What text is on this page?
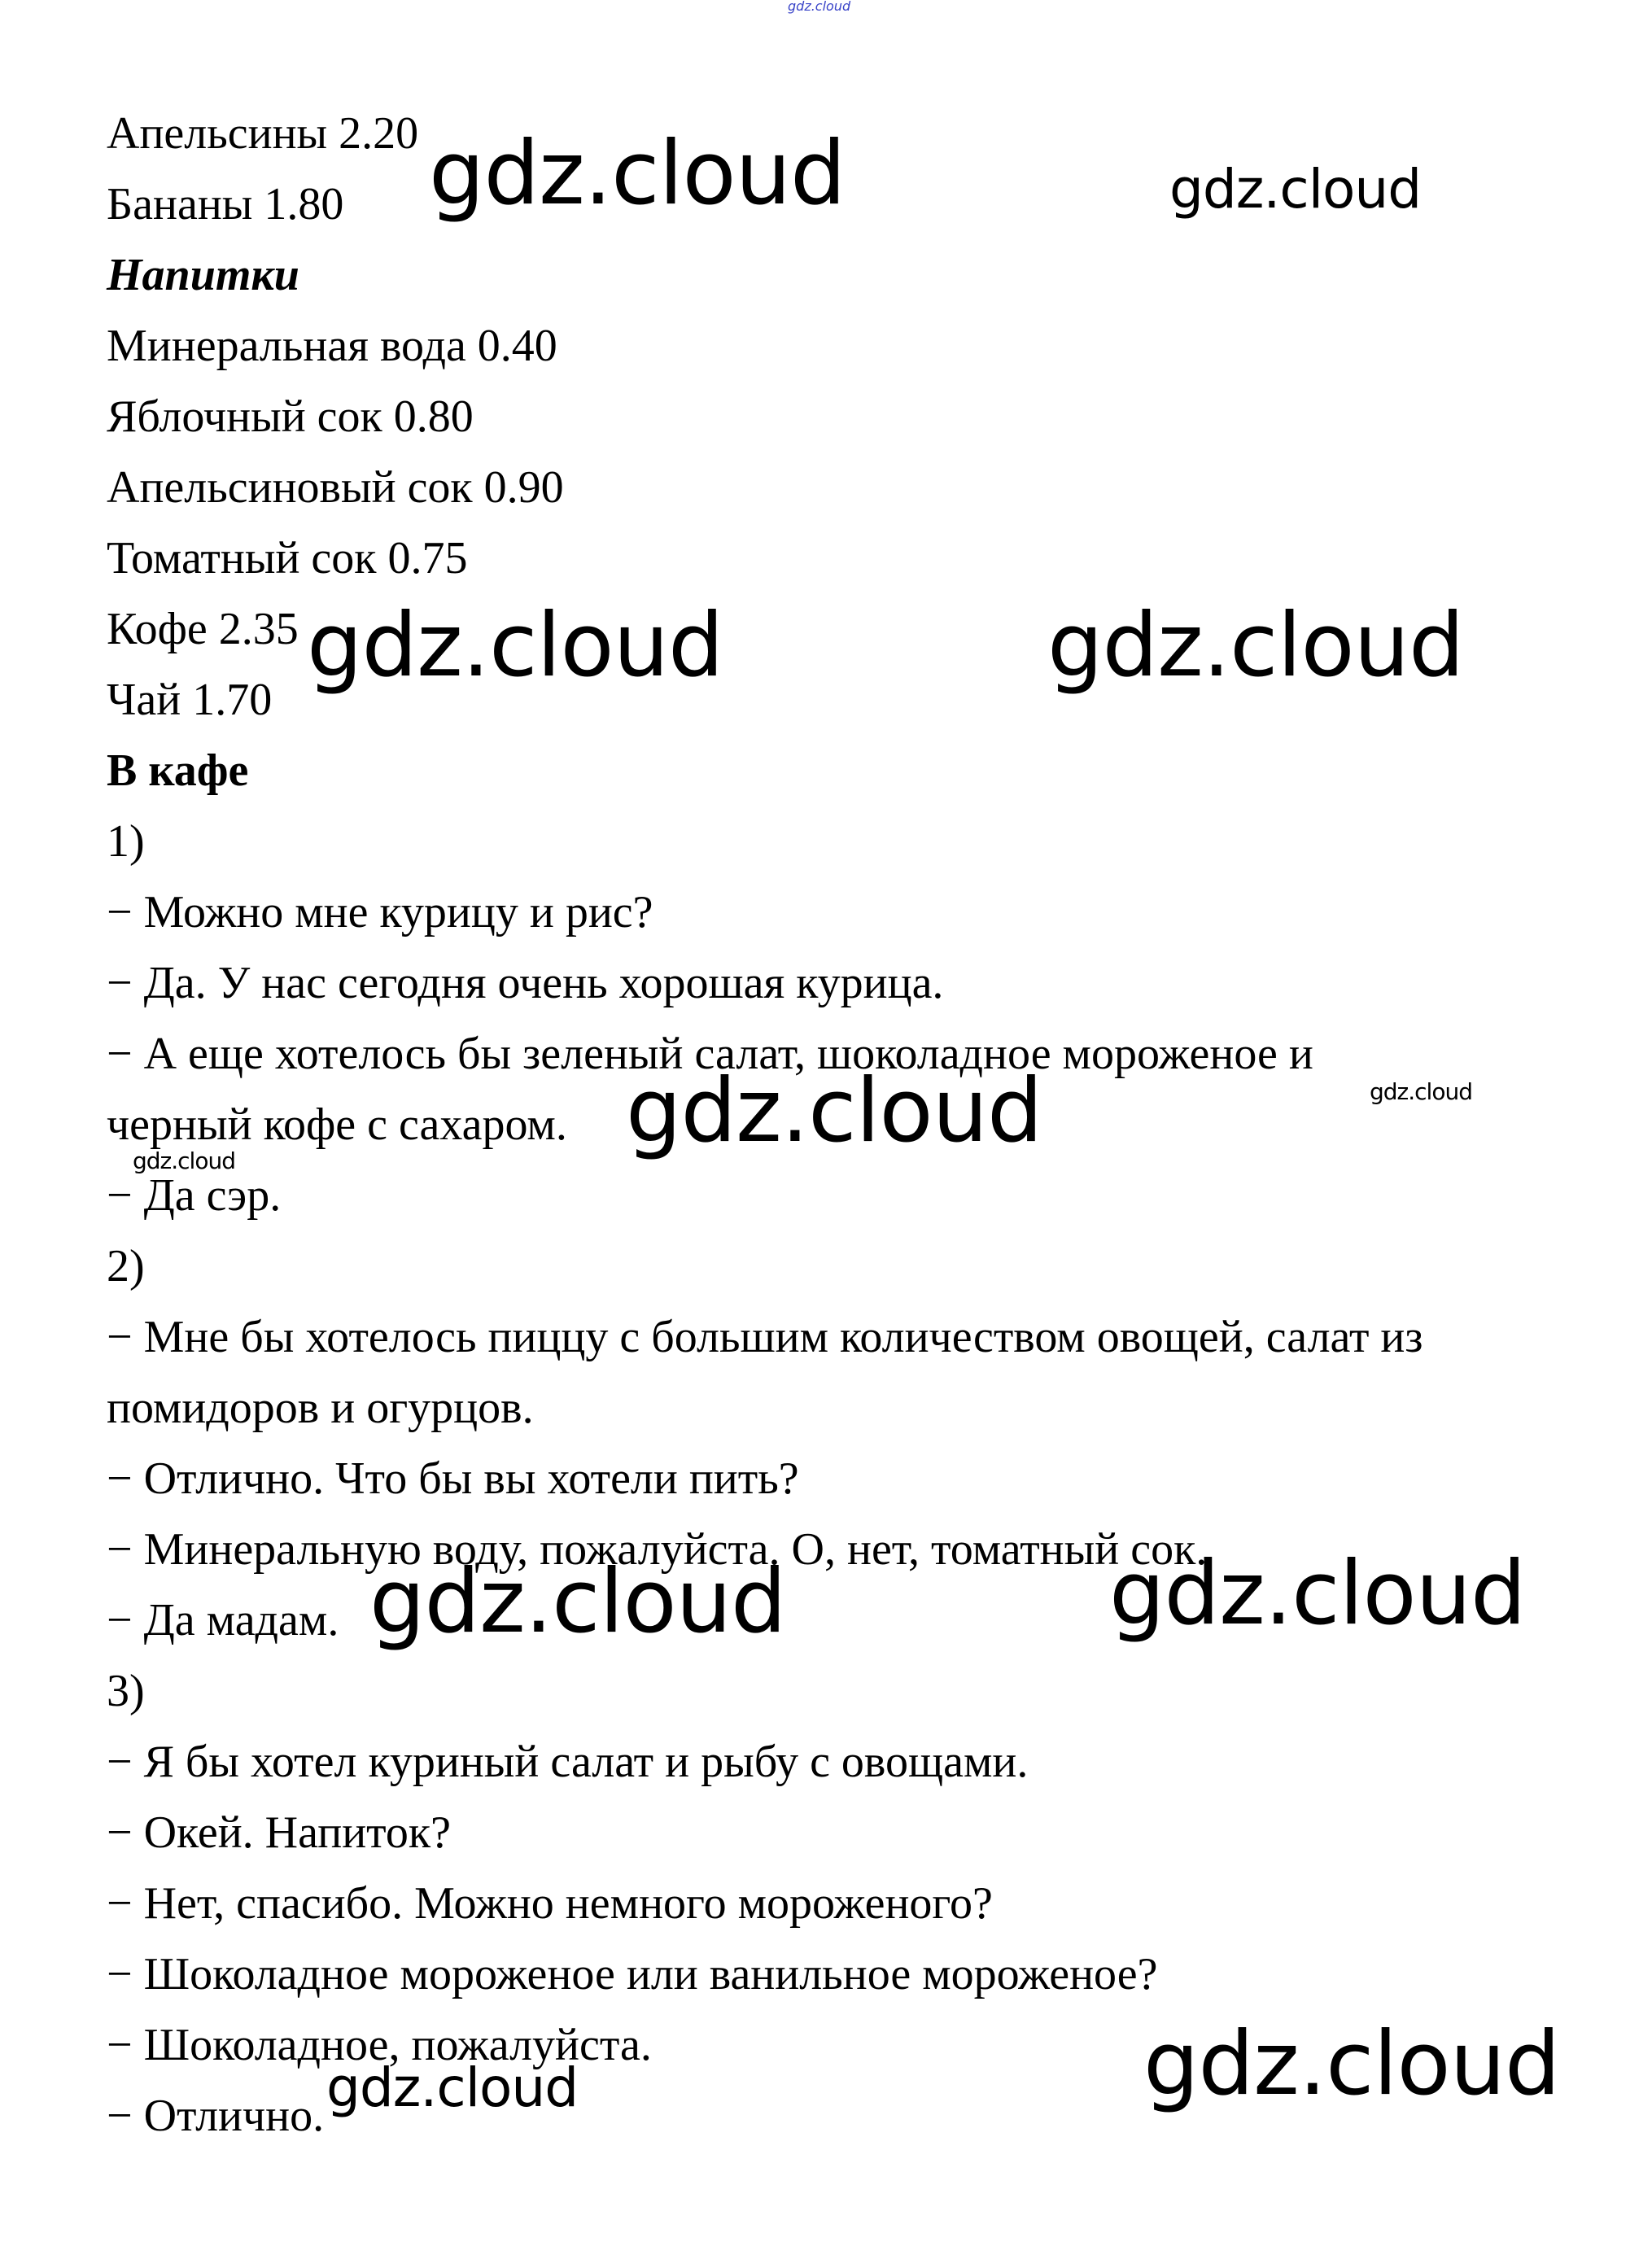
gdz.cloud
Апельсины 2.20
Бананы 1.80
Напитки
Минеральная вода 0.40
Яблочный сок 0.80
Апельсиновый сок 0.90
Томатный сок 0.75
Кофе 2.35
Чай 1.70
В кафе
1)
− Можно мне курицу и рис?
− Да. У нас сегодня очень хорошая курица.
− А еще хотелось бы зеленый салат, шоколадное мороженое и
черный кофе с сахаром.
− Да сэр.
2)
− Мне бы хотелось пиццу с большим количеством овощей, салат из
помидоров и огурцов.
− Отлично. Что бы вы хотели пить?
− Минеральную воду, пожалуйста. О, нет, томатный сок.
− Да мадам.
3)
− Я бы хотел куриный салат и рыбу с овощами.
− Окей. Напиток?
− Нет, спасибо. Можно немного мороженого?
− Шоколадное мороженое или ванильное мороженое?
− Шоколадное, пожалуйста.
− Отлично.
gdz.cloud	gdz.cloud
gdz.cloud	gdz.cloud
gdz.cloud	gdz.cloud
gdz.cloud
gdz.cloud	gdz.cloud
gdz.cloud	gdz.cloud
